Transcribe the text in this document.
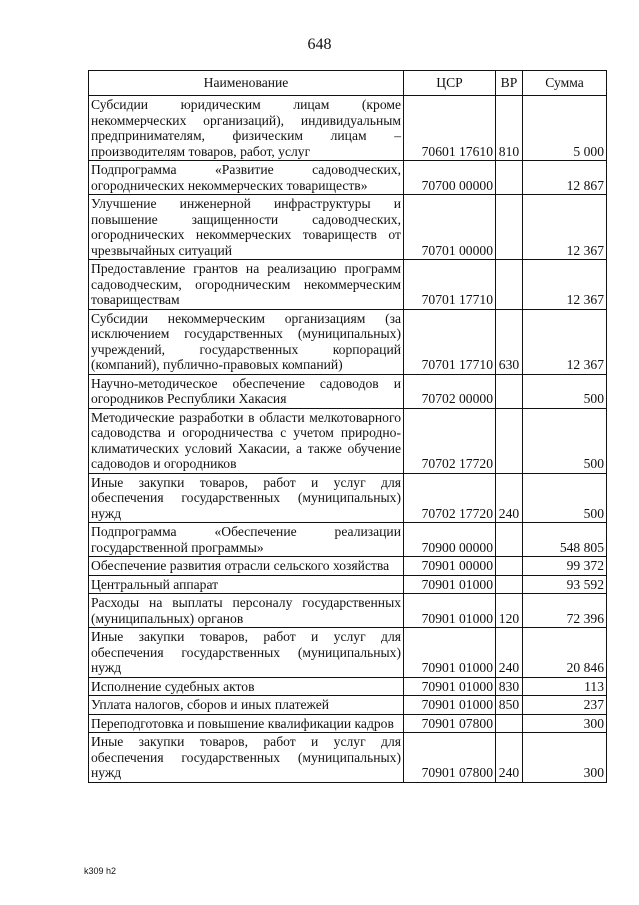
648
Наименование	ЦСР	ВР	Сумма
Субсидии юридическим лицам (кроме некоммерческих организаций), индивидуальным предпринимателям, физическим лицам – производителям товаров, работ, услуг	70601 17610	810	5 000
Подпрограмма «Развитие садоводческих, огороднических некоммерческих товариществ»	70700 00000		12 867
Улучшение инженерной инфраструктуры и повышение защищенности садоводческих, огороднических некоммерческих товариществ от чрезвычайных ситуаций	70701 00000		12 367
Предоставление грантов на реализацию программ садоводческим, огородническим некоммерческим товариществам	70701 17710		12 367
Субсидии некоммерческим организациям (за исключением государственных (муниципальных) учреждений, государственных корпораций (компаний), публично-правовых компаний)	70701 17710	630	12 367
Научно-методическое обеспечение садоводов и огородников Республики Хакасия	70702 00000		500
Методические разработки в области мелкотоварного садоводства и огородничества с учетом природно-климатических условий Хакасии, а также обучение садоводов и огородников	70702 17720		500
Иные закупки товаров, работ и услуг для обеспечения государственных (муниципальных) нужд	70702 17720	240	500
Подпрограмма «Обеспечение реализации государственной программы»	70900 00000		548 805
Обеспечение развития отрасли сельского хозяйства	70901 00000		99 372
Центральный аппарат	70901 01000		93 592
Расходы на выплаты персоналу государственных (муниципальных) органов	70901 01000	120	72 396
Иные закупки товаров, работ и услуг для обеспечения государственных (муниципальных) нужд	70901 01000	240	20 846
Исполнение судебных актов	70901 01000	830	113
Уплата налогов, сборов и иных платежей	70901 01000	850	237
Переподготовка и повышение квалификации кадров	70901 07800		300
Иные закупки товаров, работ и услуг для обеспечения государственных (муниципальных) нужд	70901 07800	240	300
k309 h2
